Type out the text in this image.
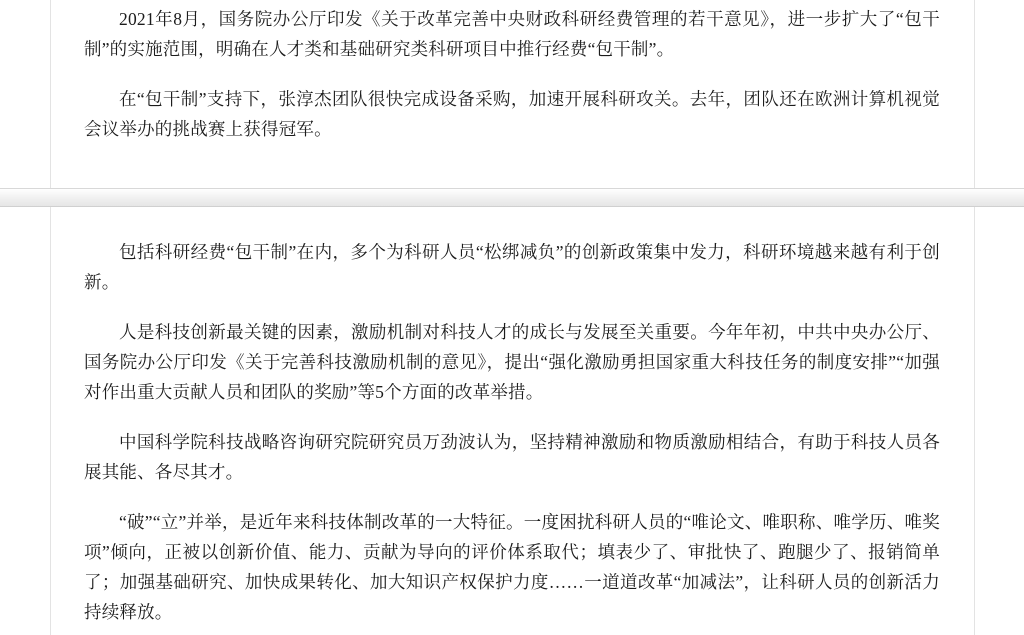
2021年8月，国务院办公厅印发《关于改革完善中央财政科研经费管理的若干意见》，进一步扩大了“包干制”的实施范围，明确在人才类和基础研究类科研项目中推行经费“包干制”。

在“包干制”支持下，张淳杰团队很快完成设备采购，加速开展科研攻关。去年，团队还在欧洲计算机视觉会议举办的挑战赛上获得冠军。

包括科研经费“包干制”在内，多个为科研人员“松绑减负”的创新政策集中发力，科研环境越来越有利于创新。

人是科技创新最关键的因素，激励机制对科技人才的成长与发展至关重要。今年年初，中共中央办公厅、国务院办公厅印发《关于完善科技激励机制的意见》，提出“强化激励勇担国家重大科技任务的制度安排”“加强对作出重大贡献人员和团队的奖励”等5个方面的改革举措。

中国科学院科技战略咨询研究院研究员万劲波认为，坚持精神激励和物质激励相结合，有助于科技人员各展其能、各尽其才。

“破”“立”并举，是近年来科技体制改革的一大特征。一度困扰科研人员的“唯论文、唯职称、唯学历、唯奖项”倾向，正被以创新价值、能力、贡献为导向的评价体系取代；填表少了、审批快了、跑腿少了、报销简单了；加强基础研究、加快成果转化、加大知识产权保护力度……一道道改革“加减法”，让科研人员的创新活力持续释放。
